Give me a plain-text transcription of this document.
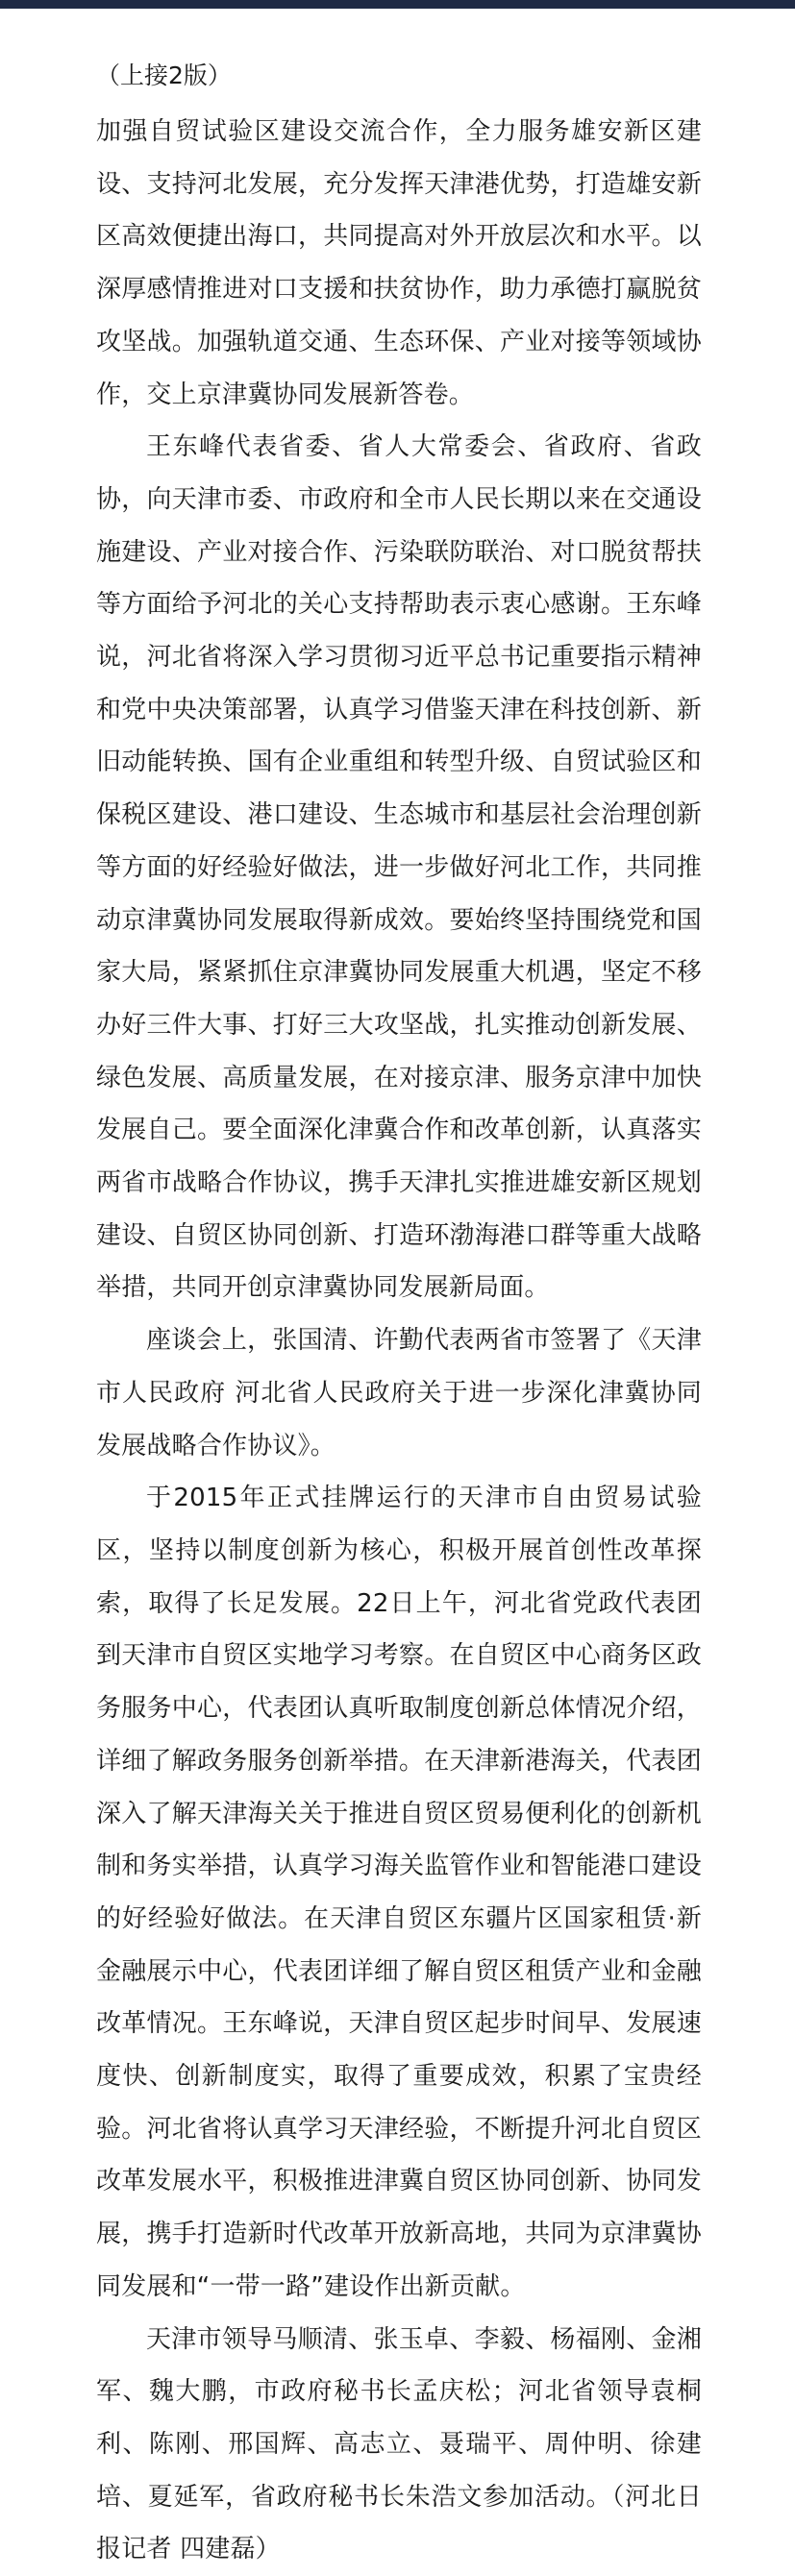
（上接2版）

加强自贸试验区建设交流合作，全力服务雄安新区建设、支持河北发展，充分发挥天津港优势，打造雄安新区高效便捷出海口，共同提高对外开放层次和水平。以深厚感情推进对口支援和扶贫协作，助力承德打赢脱贫攻坚战。加强轨道交通、生态环保、产业对接等领域协作，交上京津冀协同发展新答卷。

王东峰代表省委、省人大常委会、省政府、省政协，向天津市委、市政府和全市人民长期以来在交通设施建设、产业对接合作、污染联防联治、对口脱贫帮扶等方面给予河北的关心支持帮助表示衷心感谢。王东峰说，河北省将深入学习贯彻习近平总书记重要指示精神和党中央决策部署，认真学习借鉴天津在科技创新、新旧动能转换、国有企业重组和转型升级、自贸试验区和保税区建设、港口建设、生态城市和基层社会治理创新等方面的好经验好做法，进一步做好河北工作，共同推动京津冀协同发展取得新成效。要始终坚持围绕党和国家大局，紧紧抓住京津冀协同发展重大机遇，坚定不移办好三件大事、打好三大攻坚战，扎实推动创新发展、绿色发展、高质量发展，在对接京津、服务京津中加快发展自己。要全面深化津冀合作和改革创新，认真落实两省市战略合作协议，携手天津扎实推进雄安新区规划建设、自贸区协同创新、打造环渤海港口群等重大战略举措，共同开创京津冀协同发展新局面。

座谈会上，张国清、许勤代表两省市签署了《天津市人民政府 河北省人民政府关于进一步深化津冀协同发展战略合作协议》。

于2015年正式挂牌运行的天津市自由贸易试验区，坚持以制度创新为核心，积极开展首创性改革探索，取得了长足发展。22日上午，河北省党政代表团到天津市自贸区实地学习考察。在自贸区中心商务区政务服务中心，代表团认真听取制度创新总体情况介绍，详细了解政务服务创新举措。在天津新港海关，代表团深入了解天津海关关于推进自贸区贸易便利化的创新机制和务实举措，认真学习海关监管作业和智能港口建设的好经验好做法。在天津自贸区东疆片区国家租赁·新金融展示中心，代表团详细了解自贸区租赁产业和金融改革情况。王东峰说，天津自贸区起步时间早、发展速度快、创新制度实，取得了重要成效，积累了宝贵经验。河北省将认真学习天津经验，不断提升河北自贸区改革发展水平，积极推进津冀自贸区协同创新、协同发展，携手打造新时代改革开放新高地，共同为京津冀协同发展和“一带一路”建设作出新贡献。

天津市领导马顺清、张玉卓、李毅、杨福刚、金湘军、魏大鹏，市政府秘书长孟庆松；河北省领导袁桐利、陈刚、邢国辉、高志立、聂瑞平、周仲明、徐建培、夏延军，省政府秘书长朱浩文参加活动。（河北日报记者 四建磊）
